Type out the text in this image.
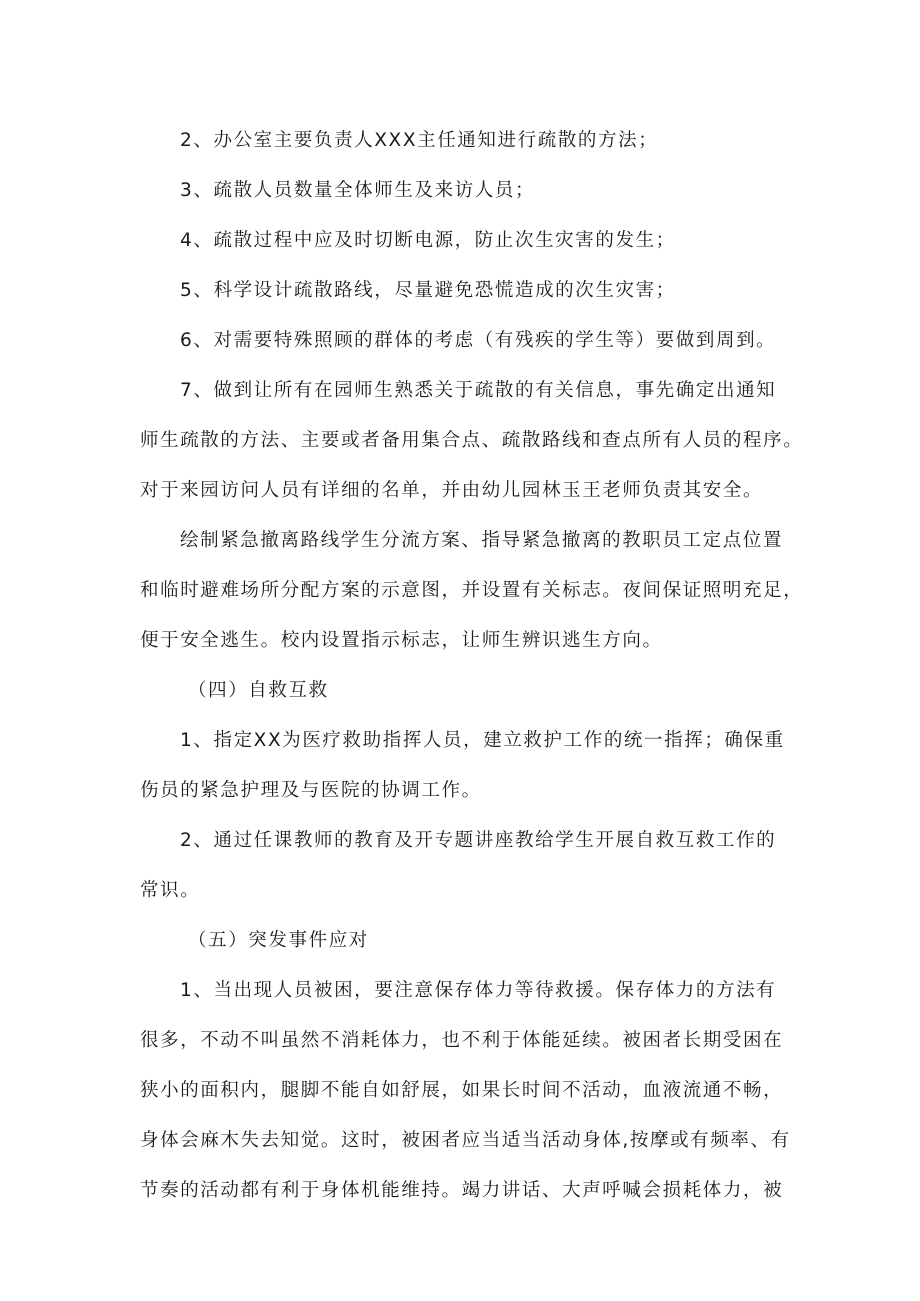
2、办公室主要负责人XXX主任通知进行疏散的方法；
3、疏散人员数量全体师生及来访人员；
4、疏散过程中应及时切断电源，防止次生灾害的发生；
5、科学设计疏散路线，尽量避免恐慌造成的次生灾害；
6、对需要特殊照顾的群体的考虑（有残疾的学生等）要做到周到。
7、做到让所有在园师生熟悉关于疏散的有关信息，事先确定出通知
师生疏散的方法、主要或者备用集合点、疏散路线和查点所有人员的程序。
对于来园访问人员有详细的名单，并由幼儿园林玉王老师负责其安全。
绘制紧急撤离路线学生分流方案、指导紧急撤离的教职员工定点位置
和临时避难场所分配方案的示意图，并设置有关标志。夜间保证照明充足，
便于安全逃生。校内设置指示标志，让师生辨识逃生方向。
（四）自救互救
1、指定XX为医疗救助指挥人员，建立救护工作的统一指挥；确保重
伤员的紧急护理及与医院的协调工作。
2、通过任课教师的教育及开专题讲座教给学生开展自救互救工作的
常识。
（五）突发事件应对
1、当出现人员被困，要注意保存体力等待救援。保存体力的方法有
很多，不动不叫虽然不消耗体力，也不利于体能延续。被困者长期受困在
狭小的面积内，腿脚不能自如舒展，如果长时间不活动，血液流通不畅，
身体会麻木失去知觉。这时，被困者应当适当活动身体,按摩或有频率、有
节奏的活动都有利于身体机能维持。竭力讲话、大声呼喊会损耗体力，被
